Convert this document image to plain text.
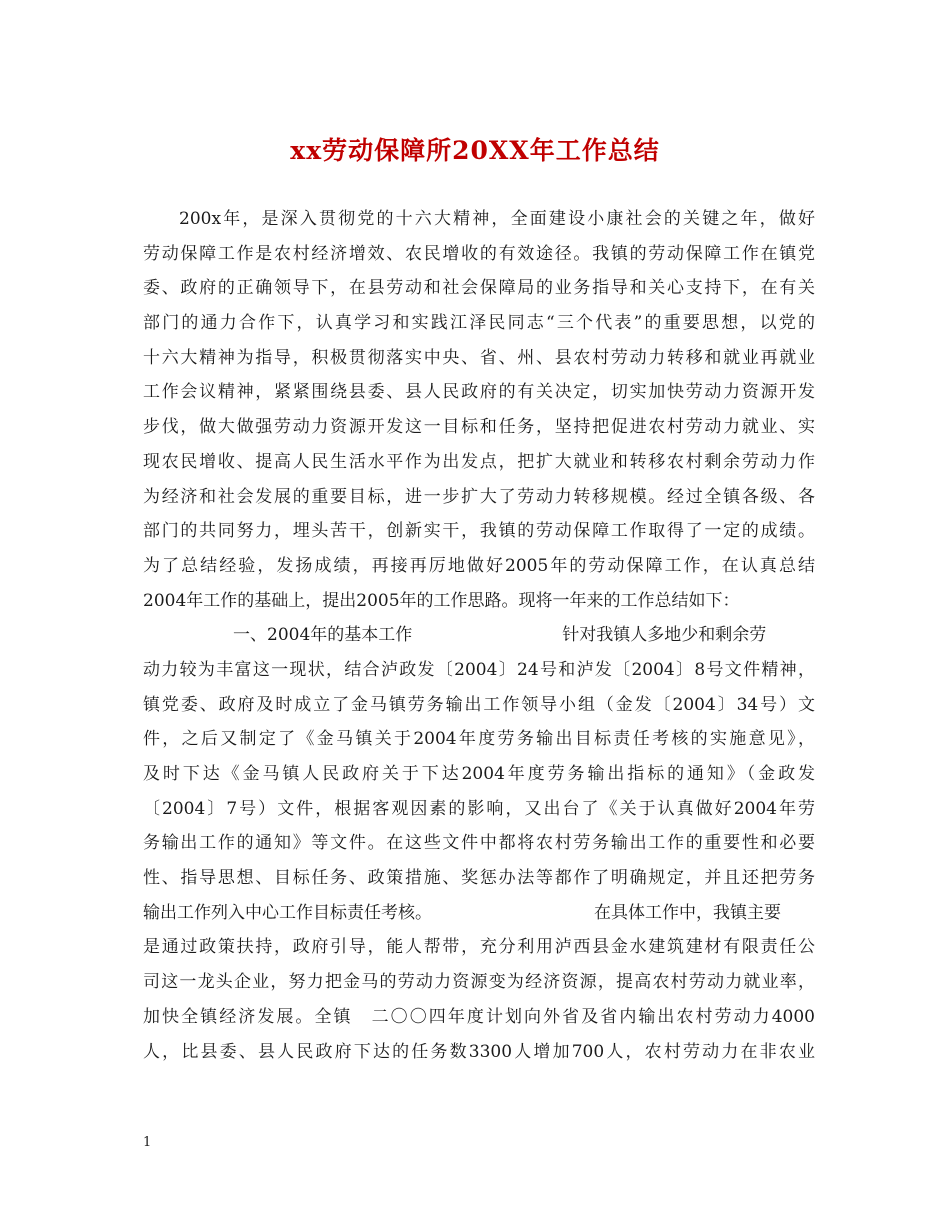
xx劳动保障所20XX年工作总结
200x年，是深入贯彻党的十六大精神，全面建设小康社会的关键之年，做好
劳动保障工作是农村经济增效、农民增收的有效途径。我镇的劳动保障工作在镇党
委、政府的正确领导下，在县劳动和社会保障局的业务指导和关心支持下，在有关
部门的通力合作下，认真学习和实践江泽民同志“三个代表”的重要思想，以党的
十六大精神为指导，积极贯彻落实中央、省、州、县农村劳动力转移和就业再就业
工作会议精神，紧紧围绕县委、县人民政府的有关决定，切实加快劳动力资源开发
步伐，做大做强劳动力资源开发这一目标和任务，坚持把促进农村劳动力就业、实
现农民增收、提高人民生活水平作为出发点，把扩大就业和转移农村剩余劳动力作
为经济和社会发展的重要目标，进一步扩大了劳动力转移规模。经过全镇各级、各
部门的共同努力，埋头苦干，创新实干，我镇的劳动保障工作取得了一定的成绩。
为了总结经验，发扬成绩，再接再厉地做好2005年的劳动保障工作，在认真总结
2004年工作的基础上，提出2005年的工作思路。现将一年来的工作总结如下：
一、2004年的基本工作	针对我镇人多地少和剩余劳
动力较为丰富这一现状，结合泸政发〔2004〕24号和泸发〔2004〕8号文件精神，
镇党委、政府及时成立了金马镇劳务输出工作领导小组（金发〔2004〕34号）文
件，之后又制定了《金马镇关于2004年度劳务输出目标责任考核的实施意见》，
及时下达《金马镇人民政府关于下达2004年度劳务输出指标的通知》（金政发
〔2004〕7号）文件，根据客观因素的影响，又出台了《关于认真做好2004年劳
务输出工作的通知》等文件。在这些文件中都将农村劳务输出工作的重要性和必要
性、指导思想、目标任务、政策措施、奖惩办法等都作了明确规定，并且还把劳务
输出工作列入中心工作目标责任考核。	在具体工作中，我镇主要
是通过政策扶持，政府引导，能人帮带，充分利用泸西县金水建筑建材有限责任公
司这一龙头企业，努力把金马的劳动力资源变为经济资源，提高农村劳动力就业率，
加快全镇经济发展。全镇　二〇〇四年度计划向外省及省内输出农村劳动力4000
人，比县委、县人民政府下达的任务数3300人增加700人，农村劳动力在非农业
1
